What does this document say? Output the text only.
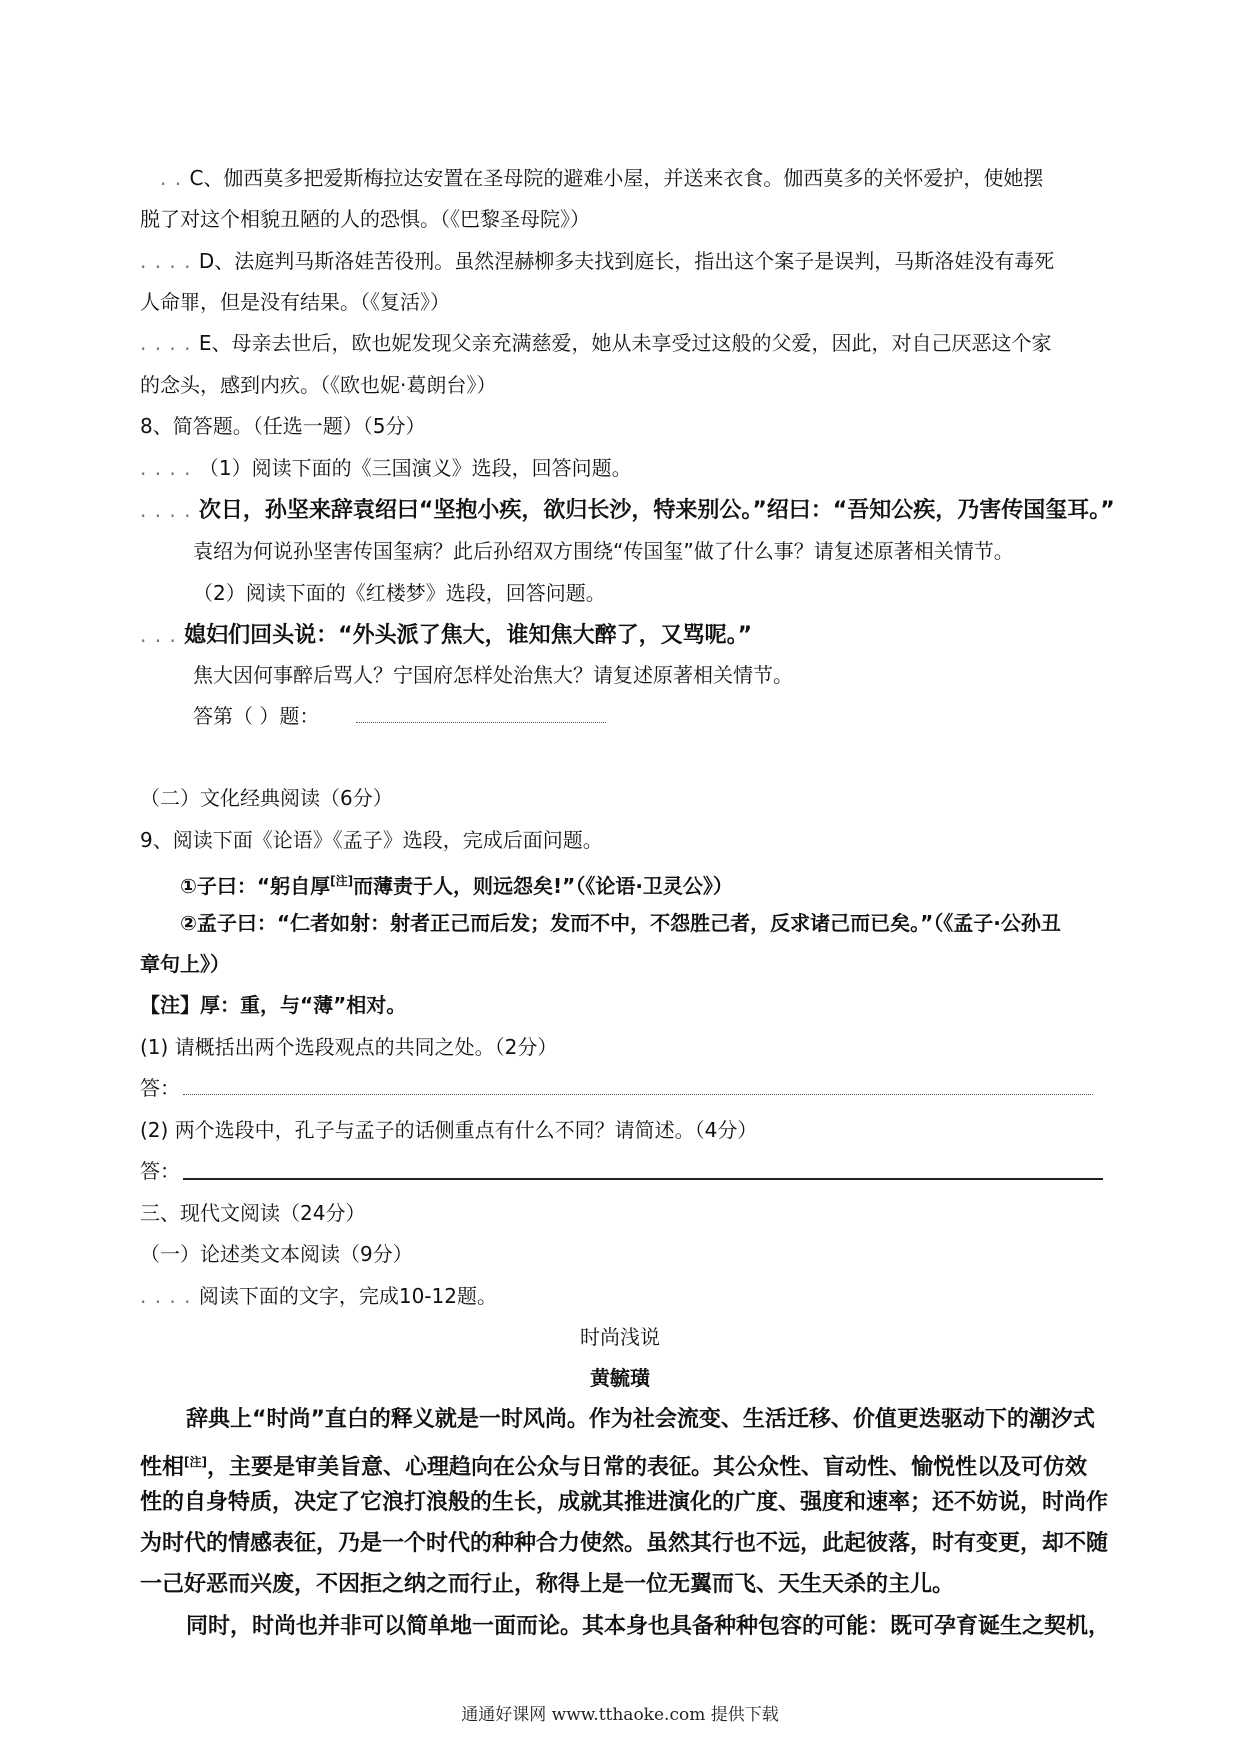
. . C、伽西莫多把爱斯梅拉达安置在圣母院的避难小屋，并送来衣食。伽西莫多的关怀爱护，使她摆
脱了对这个相貌丑陋的人的恐惧。（《巴黎圣母院》）
. . . . D、法庭判马斯洛娃苦役刑。虽然涅赫柳多夫找到庭长，指出这个案子是误判，马斯洛娃没有毒死
人命罪，但是没有结果。（《复活》）
. . . . E、母亲去世后，欧也妮发现父亲充满慈爱，她从未享受过这般的父爱，因此，对自己厌恶这个家
的念头，感到内疚。（《欧也妮·葛朗台》）
8、简答题。（任选一题）（5分）
. . . . （1）阅读下面的《三国演义》选段，回答问题。
. . . . 次日，孙坚来辞袁绍曰“坚抱小疾，欲归长沙，特来别公。”绍曰：“吾知公疾，乃害传国玺耳。”
袁绍为何说孙坚害传国玺病？此后孙绍双方围绕“传国玺”做了什么事？请复述原著相关情节。
（2）阅读下面的《红楼梦》选段，回答问题。
. . . 媳妇们回头说：“外头派了焦大，谁知焦大醉了，又骂呢。”
焦大因何事醉后骂人？宁国府怎样处治焦大？请复述原著相关情节。
答第（ ）题：
（二）文化经典阅读（6分）
9、阅读下面《论语》《孟子》选段，完成后面问题。
①子曰：“躬自厚[注]而薄责于人，则远怨矣!”（《论语·卫灵公》）
②孟子曰：“仁者如射：射者正己而后发；发而不中，不怨胜己者，反求诸己而已矣。”（《孟子·公孙丑
章句上》）
【注】厚：重，与“薄”相对。
(1) 请概括出两个选段观点的共同之处。（2分）
答：
(2) 两个选段中，孔子与孟子的话侧重点有什么不同？请简述。（4分）
答：
三、现代文阅读（24分）
（一）论述类文本阅读（9分）
. . . . 阅读下面的文字，完成10-12题。
时尚浅说
黄毓璜
辞典上“时尚”直白的释义就是一时风尚。作为社会流变、生活迁移、价值更迭驱动下的潮汐式
性相[注]，主要是审美旨意、心理趋向在公众与日常的表征。其公众性、盲动性、愉悦性以及可仿效
性的自身特质，决定了它浪打浪般的生长，成就其推进演化的广度、强度和速率；还不妨说，时尚作
为时代的情感表征，乃是一个时代的种种合力使然。虽然其行也不远，此起彼落，时有变更，却不随
一己好恶而兴废，不因拒之纳之而行止，称得上是一位无翼而飞、天生天杀的主儿。
同时，时尚也并非可以简单地一面而论。其本身也具备种种包容的可能：既可孕育诞生之契机，
通通好课网 www.tthaoke.com 提供下载
